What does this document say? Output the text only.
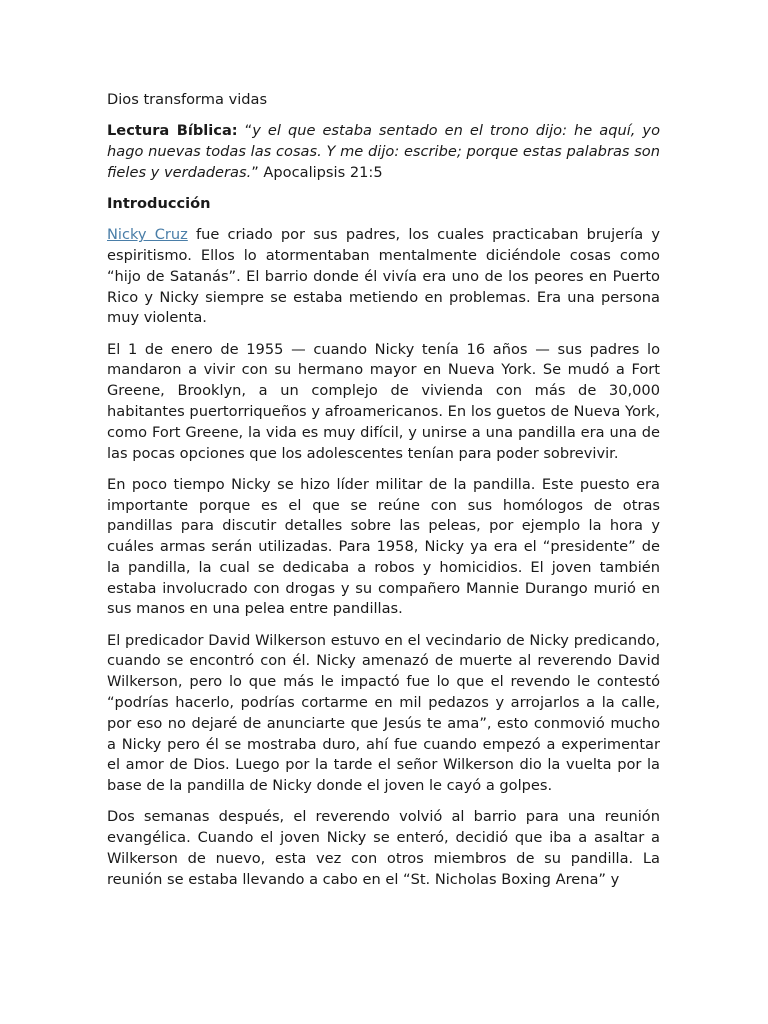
Dios transforma vidas

Lectura Bíblica: “y el que estaba sentado en el trono dijo: he aquí, yo hago nuevas todas las cosas. Y me dijo: escribe; porque estas palabras son fieles y verdaderas.” Apocalipsis 21:5

Introducción

Nicky Cruz fue criado por sus padres, los cuales practicaban brujería y espiritismo. Ellos lo atormentaban mentalmente diciéndole cosas como “hijo de Satanás”. El barrio donde él vivía era uno de los peores en Puerto Rico y Nicky siempre se estaba metiendo en problemas. Era una persona muy violenta.

El 1 de enero de 1955 — cuando Nicky tenía 16 años — sus padres lo mandaron a vivir con su hermano mayor en Nueva York. Se mudó a Fort Greene, Brooklyn, a un complejo de vivienda con más de 30,000 habitantes puertorriqueños y afroamericanos. En los guetos de Nueva York, como Fort Greene, la vida es muy difícil, y unirse a una pandilla era una de las pocas opciones que los adolescentes tenían para poder sobrevivir.

En poco tiempo Nicky se hizo líder militar de la pandilla. Este puesto era importante porque es el que se reúne con sus homólogos de otras pandillas para discutir detalles sobre las peleas, por ejemplo la hora y cuáles armas serán utilizadas. Para 1958, Nicky ya era el “presidente” de la pandilla, la cual se dedicaba a robos y homicidios. El joven también estaba involucrado con drogas y su compañero Mannie Durango murió en sus manos en una pelea entre pandillas.

El predicador David Wilkerson estuvo en el vecindario de Nicky predicando, cuando se encontró con él. Nicky amenazó de muerte al reverendo David Wilkerson, pero lo que más le impactó fue lo que el revendo le contestó “podrías hacerlo, podrías cortarme en mil pedazos y arrojarlos a la calle, por eso no dejaré de anunciarte que Jesús te ama”, esto conmovió mucho a Nicky pero él se mostraba duro, ahí fue cuando empezó a experimentar el amor de Dios. Luego por la tarde el señor Wilkerson dio la vuelta por la base de la pandilla de Nicky donde el joven le cayó a golpes.

Dos semanas después, el reverendo volvió al barrio para una reunión evangélica. Cuando el joven Nicky se enteró, decidió que iba a asaltar a Wilkerson de nuevo, esta vez con otros miembros de su pandilla. La reunión se estaba llevando a cabo en el “St. Nicholas Boxing Arena” y
